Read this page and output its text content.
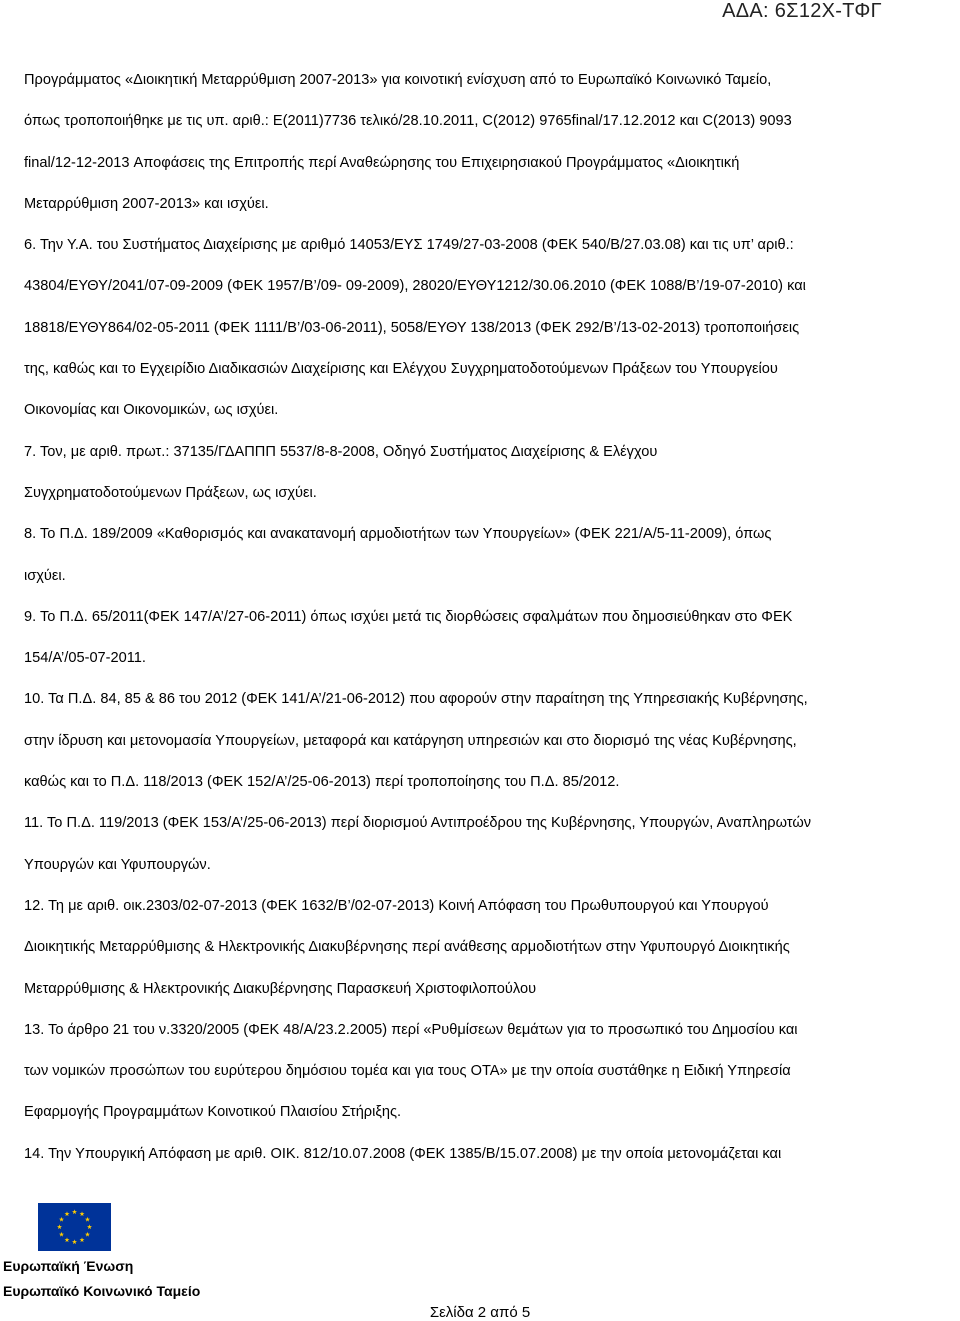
ΑΔΑ: 6Σ12Χ-ΤΦΓ
Προγράμματος «Διοικητική Μεταρρύθμιση 2007-2013» για κοινοτική ενίσχυση από το Ευρωπαϊκό Κοινωνικό Ταμείο,
όπως τροποποιήθηκε με τις υπ. αριθ.: Ε(2011)7736 τελικό/28.10.2011, C(2012) 9765final/17.12.2012 και C(2013) 9093
final/12-12-2013 Αποφάσεις της Επιτροπής περί Αναθεώρησης του Επιχειρησιακού Προγράμματος «Διοικητική
Μεταρρύθμιση 2007-2013» και ισχύει.
6. Την Υ.Α. του Συστήματος Διαχείρισης με αριθμό 14053/ΕΥΣ 1749/27-03-2008 (ΦΕΚ 540/Β/27.03.08) και τις υπ’ αριθ.:
43804/ΕΥΘΥ/2041/07-09-2009 (ΦΕΚ 1957/Β’/09- 09-2009), 28020/ΕΥΘΥ1212/30.06.2010 (ΦΕΚ 1088/Β’/19-07-2010) και
18818/ΕΥΘΥ864/02-05-2011 (ΦΕΚ 1111/Β’/03-06-2011), 5058/ΕΥΘΥ 138/2013 (ΦΕΚ 292/Β’/13-02-2013) τροποποιήσεις
της, καθώς και το Εγχειρίδιο Διαδικασιών Διαχείρισης και Ελέγχου Συγχρηματοδοτούμενων Πράξεων του Υπουργείου
Οικονομίας και Οικονομικών, ως ισχύει.
7. Τον, με αριθ. πρωτ.: 37135/ΓΔΑΠΠΠ 5537/8-8-2008, Οδηγό Συστήματος Διαχείρισης & Ελέγχου
Συγχρηματοδοτούμενων Πράξεων, ως ισχύει.
8. Το Π.Δ. 189/2009 «Καθορισμός και ανακατανομή αρμοδιοτήτων των Υπουργείων» (ΦΕΚ 221/Α/5-11-2009), όπως
ισχύει.
9. Το Π.Δ. 65/2011(ΦΕΚ 147/Α’/27-06-2011) όπως ισχύει μετά τις διορθώσεις σφαλμάτων που δημοσιεύθηκαν στο ΦΕΚ
154/Α’/05-07-2011.
10. Τα Π.Δ. 84, 85 & 86 του 2012 (ΦΕΚ 141/Α’/21-06-2012) που αφορούν στην παραίτηση της Υπηρεσιακής Κυβέρνησης,
στην ίδρυση και μετονομασία Υπουργείων, μεταφορά και κατάργηση υπηρεσιών και στο διορισμό της νέας Κυβέρνησης,
καθώς και το Π.Δ. 118/2013 (ΦΕΚ 152/Α’/25-06-2013) περί τροποποίησης του Π.Δ. 85/2012.
11. Το Π.Δ. 119/2013 (ΦΕΚ 153/Α’/25-06-2013) περί διορισμού Αντιπροέδρου της Κυβέρνησης, Υπουργών, Αναπληρωτών
Υπουργών και Υφυπουργών.
12. Τη με αριθ. οικ.2303/02-07-2013 (ΦΕΚ 1632/Β’/02-07-2013) Κοινή Απόφαση του Πρωθυπουργού και Υπουργού
Διοικητικής Μεταρρύθμισης & Ηλεκτρονικής Διακυβέρνησης περί ανάθεσης αρμοδιοτήτων στην Υφυπουργό Διοικητικής
Μεταρρύθμισης & Ηλεκτρονικής Διακυβέρνησης Παρασκευή Χριστοφιλοπούλου
13. Το άρθρο 21 του ν.3320/2005 (ΦΕΚ 48/Α/23.2.2005) περί «Ρυθμίσεων θεμάτων για το προσωπικό του Δημοσίου και
των νομικών προσώπων του ευρύτερου δημόσιου τομέα και για τους ΟΤΑ» με την οποία συστάθηκε η Ειδική Υπηρεσία
Εφαρμογής Προγραμμάτων Κοινοτικού Πλαισίου Στήριξης.
14. Την Υπουργική Απόφαση με αριθ. ΟΙΚ. 812/10.07.2008 (ΦΕΚ 1385/Β/15.07.2008) με την οποία μετονομάζεται και
Ευρωπαϊκή Ένωση
Ευρωπαϊκό Κοινωνικό Ταμείο
Σελίδα 2 από 5
